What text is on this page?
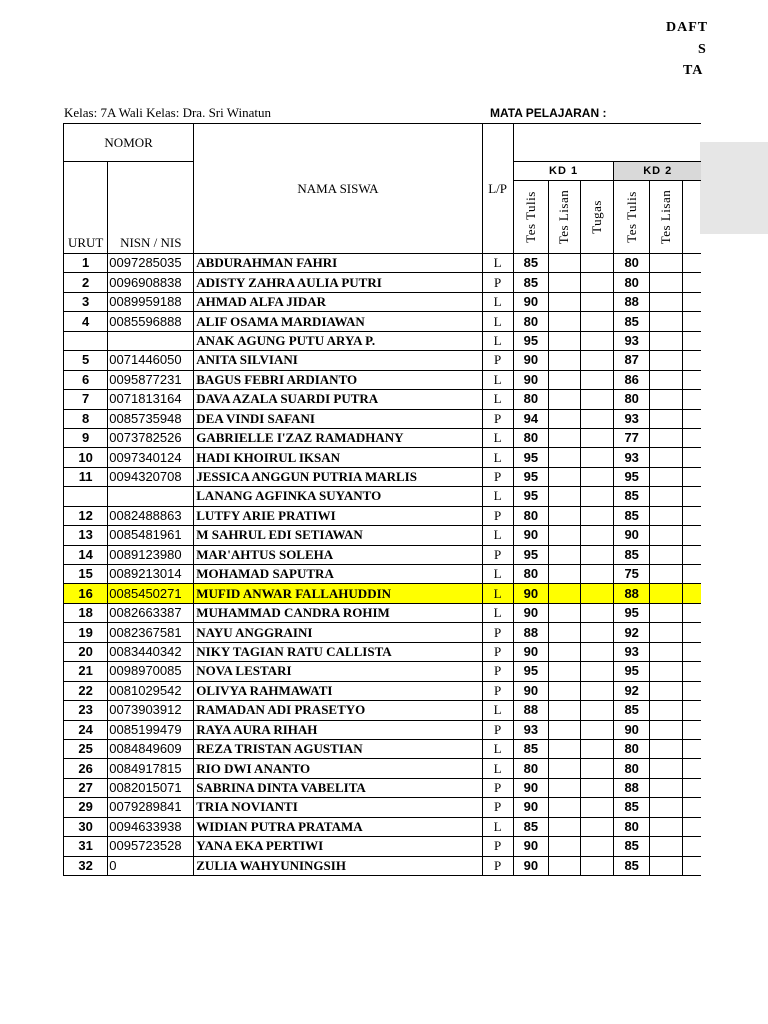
DAFT
S
TA
Kelas: 7A Wali Kelas: Dra. Sri Winatun	MATA PELAJARAN :
NOMOR		NAMA SISWA	L/P						
URUT	NISN / NIS			KD 1			KD 2		

				Tes Tulis	Tes Lisan	Tugas	Tes Tulis	Tes Lisan	

1	0097285035	ABDURAHMAN FAHRI	L	85			80		
2	0096908838	ADISTY ZAHRA AULIA PUTRI	P	85			80		
3	0089959188	AHMAD ALFA JIDAR	L	90			88		
4	0085596888	ALIF OSAMA MARDIAWAN	L	80			85		
		ANAK AGUNG PUTU ARYA P.	L	95			93		
5	0071446050	ANITA SILVIANI	P	90			87		
6	0095877231	BAGUS FEBRI ARDIANTO	L	90			86		
7	0071813164	DAVA AZALA SUARDI PUTRA	L	80			80		
8	0085735948	DEA VINDI SAFANI	P	94			93		
9	0073782526	GABRIELLE I'ZAZ RAMADHANY	L	80			77		
10	0097340124	HADI KHOIRUL IKSAN	L	95			93		
11	0094320708	JESSICA ANGGUN PUTRIA MARLIS	P	95			95		
		LANANG AGFINKA SUYANTO	L	95			85		
12	0082488863	LUTFY ARIE PRATIWI	P	80			85		
13	0085481961	M SAHRUL EDI SETIAWAN	L	90			90		
14	0089123980	MAR'AHTUS SOLEHA	P	95			85		
15	0089213014	MOHAMAD SAPUTRA	L	80			75		
16	0085450271	MUFID ANWAR FALLAHUDDIN	L	90			88		
18	0082663387	MUHAMMAD CANDRA ROHIM	L	90			95		
19	0082367581	NAYU ANGGRAINI	P	88			92		
20	0083440342	NIKY TAGIAN RATU CALLISTA	P	90			93		
21	0098970085	NOVA LESTARI	P	95			95		
22	0081029542	OLIVYA RAHMAWATI	P	90			92		
23	0073903912	RAMADAN ADI PRASETYO	L	88			85		
24	0085199479	RAYA AURA RIHAH	P	93			90		
25	0084849609	REZA TRISTAN AGUSTIAN	L	85			80		
26	0084917815	RIO DWI ANANTO	L	80			80		
27	0082015071	SABRINA DINTA VABELITA	P	90			88		
29	0079289841	TRIA NOVIANTI	P	90			85		
30	0094633938	WIDIAN PUTRA PRATAMA	L	85			80		
31	0095723528	YANA EKA PERTIWI	P	90			85		
32	0	ZULIA WAHYUNINGSIH	P	90			85		
